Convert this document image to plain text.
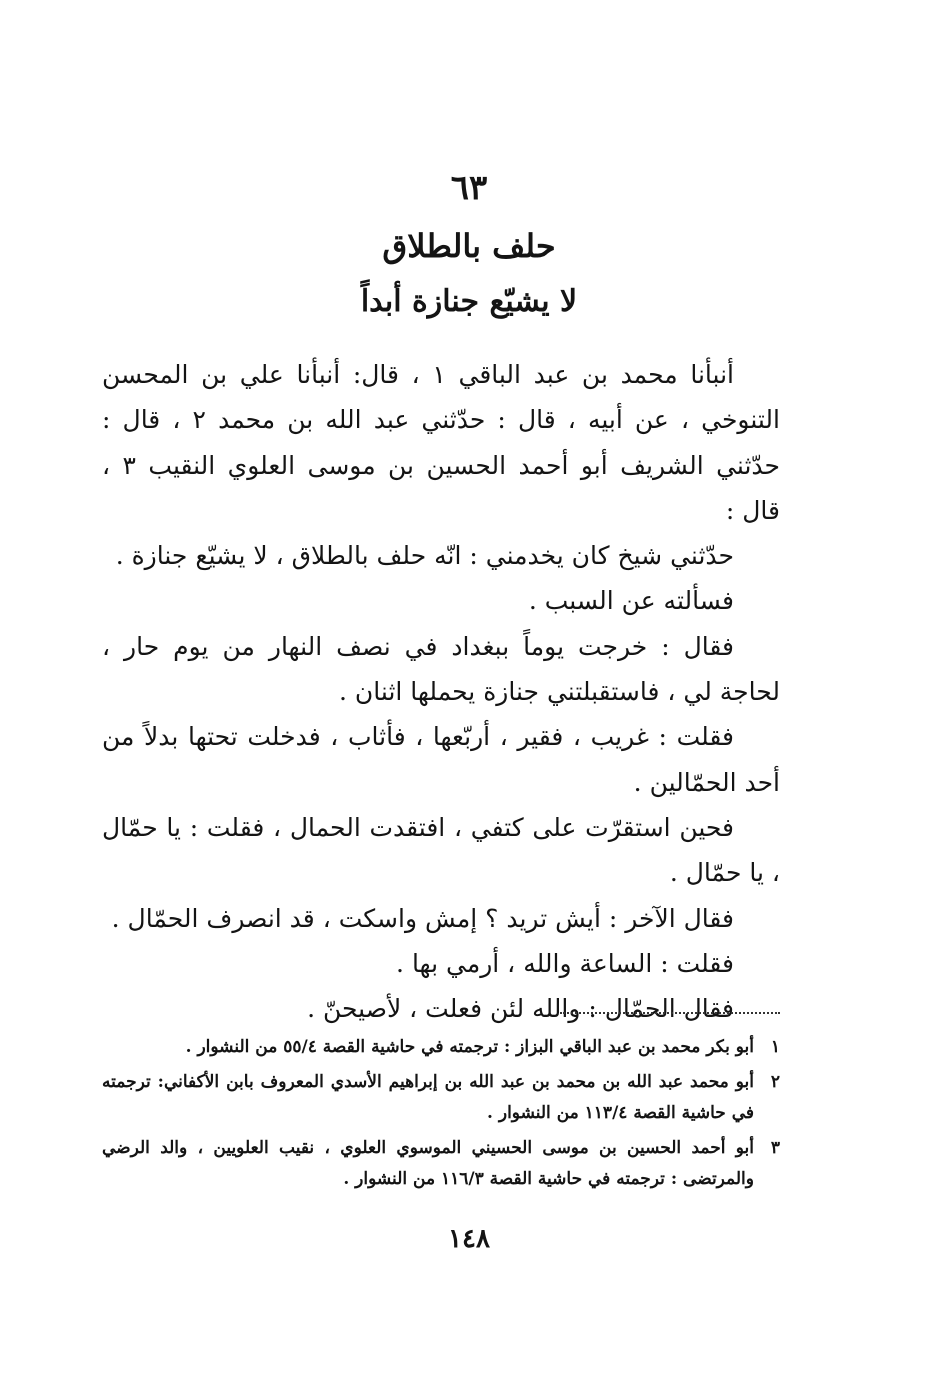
٦٣
حلف بالطلاق
لا يشيّع جنازة أبداً

أنبأنا محمد بن عبد الباقي ١ ، قال: أنبأنا علي بن المحسن التنوخي ، عن أبيه ، قال : حدّثني عبد الله بن محمد ٢ ، قال : حدّثني الشريف أبو أحمد الحسين بن موسى العلوي النقيب ٣ ، قال :

حدّثني شيخ كان يخدمني : انّه حلف بالطلاق ، لا يشيّع جنازة .

فسألته عن السبب .

فقال : خرجت يوماً ببغداد في نصف النهار من يوم حار ، لحاجة لي ، فاستقبلتني جنازة يحملها اثنان .

فقلت : غريب ، فقير ، أربّعها ، فأثاب ، فدخلت تحتها بدلاً من أحد الحمّالين .

فحين استقرّت على كتفي ، افتقدت الحمال ، فقلت : يا حمّال ، يا حمّال .

فقال الآخر : أيش تريد ؟ إمش واسكت ، قد انصرف الحمّال .

فقلت : الساعة والله ، أرمي بها .

فقال الحمّال : والله لئن فعلت ، لأصيحنّ .

١
أبو بكر محمد بن عبد الباقي البزاز : ترجمته في حاشية القصة ٥٥/٤ من النشوار .
٢
أبو محمد عبد الله بن محمد بن عبد الله بن إبراهيم الأسدي المعروف بابن الأكفاني: ترجمته في حاشية القصة ١١٣/٤ من النشوار .
٣
أبو أحمد الحسين بن موسى الحسيني الموسوي العلوي ، نقيب العلويين ، والد الرضي والمرتضى : ترجمته في حاشية القصة ١١٦/٣ من النشوار .
١٤٨
